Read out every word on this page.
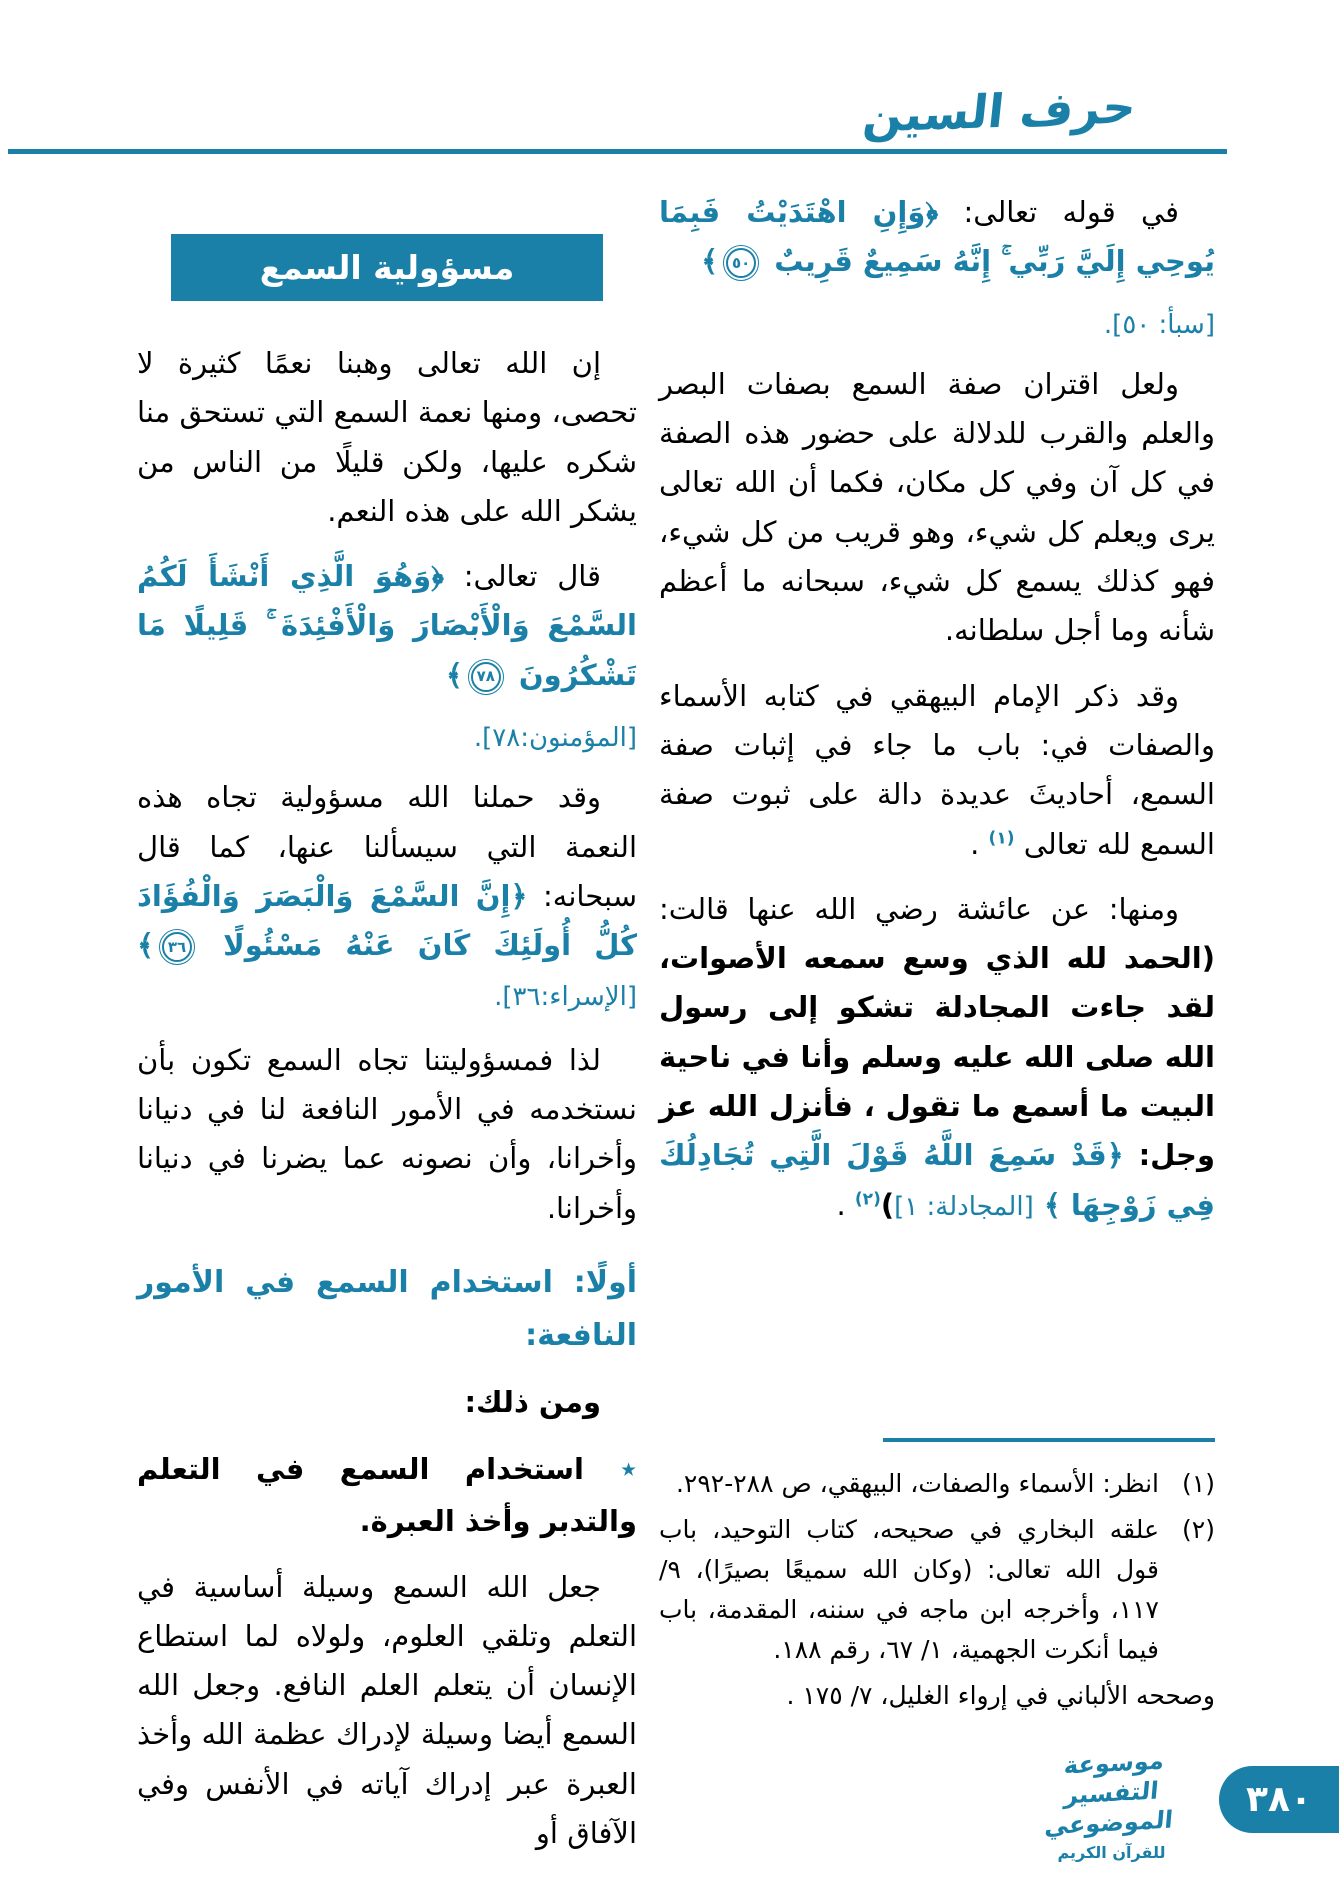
حرف السين

في قوله تعالى: ﴿وَإِنِ اهْتَدَيْتُ فَبِمَا يُوحِي إِلَيَّ رَبِّي ۚ إِنَّهُ سَمِيعٌ قَرِيبٌ ٥٠﴾

[سبأ: ٥٠].

ولعل اقتران صفة السمع بصفات البصر والعلم والقرب للدلالة على حضور هذه الصفة في كل آن وفي كل مكان، فكما أن الله تعالى يرى ويعلم كل شيء، وهو قريب من كل شيء، فهو كذلك يسمع كل شيء، سبحانه ما أعظم شأنه وما أجل سلطانه.

وقد ذكر الإمام البيهقي في كتابه الأسماء والصفات في: باب ما جاء في إثبات صفة السمع، أحاديثَ عديدة دالة على ثبوت صفة السمع لله تعالى $^{(١)}$ .

ومنها: عن عائشة رضي الله عنها قالت: (الحمد لله الذي وسع سمعه الأصوات، لقد جاءت المجادلة تشكو إلى رسول الله صلى الله عليه وسلم وأنا في ناحية البيت ما أسمع ما تقول ، فأنزل الله عز وجل: ﴿قَدْ سَمِعَ اللَّهُ قَوْلَ الَّتِي تُجَادِلُكَ فِي زَوْجِهَا ﴾ [المجادلة: ١])$^{(٢)}$ .

مسؤولية السمع

إن الله تعالى وهبنا نعمًا كثيرة لا تحصى، ومنها نعمة السمع التي تستحق منا شكره عليها، ولكن قليلًا من الناس من يشكر الله على هذه النعم.

قال تعالى: ﴿وَهُوَ الَّذِي أَنْشَأَ لَكُمُ السَّمْعَ وَالْأَبْصَارَ وَالْأَفْئِدَةَ ۚ قَلِيلًا مَا تَشْكُرُونَ ٧٨﴾

[المؤمنون:٧٨].

وقد حملنا الله مسؤولية تجاه هذه النعمة التي سيسألنا عنها، كما قال سبحانه: ﴿إِنَّ السَّمْعَ وَالْبَصَرَ وَالْفُؤَادَ كُلُّ أُولَئِكَ كَانَ عَنْهُ مَسْئُولًا ٣٦﴾ [الإسراء:٣٦].

لذا فمسؤوليتنا تجاه السمع تكون بأن نستخدمه في الأمور النافعة لنا في دنيانا وأخرانا، وأن نصونه عما يضرنا في دنيانا وأخرانا.

أولًا: استخدام السمع في الأمور النافعة:

ومن ذلك:

٭ استخدام السمع في التعلم والتدبر وأخذ العبرة.

جعل الله السمع وسيلة أساسية في التعلم وتلقي العلوم، ولولاه لما استطاع الإنسان أن يتعلم العلم النافع. وجعل الله السمع أيضا وسيلة لإدراك عظمة الله وأخذ العبرة عبر إدراك آياته في الأنفس وفي الآفاق أو

(١)
انظر: الأسماء والصفات، البيهقي، ص ٢٨٨-٢٩٢.
(٢)
علقه البخاري في صحيحه، كتاب التوحيد، باب قول الله تعالى: (وكان الله سميعًا بصيرًا)، ٩/ ١١٧، وأخرجه ابن ماجه في سننه، المقدمة، باب فيما أنكرت الجهمية، ١/ ٦٧، رقم ١٨٨.
وصححه الألباني في إرواء الغليل، ٧/ ١٧٥ .
موسوعة التفسير الموضوعي
للقرآن الكريم
٣٨٠
